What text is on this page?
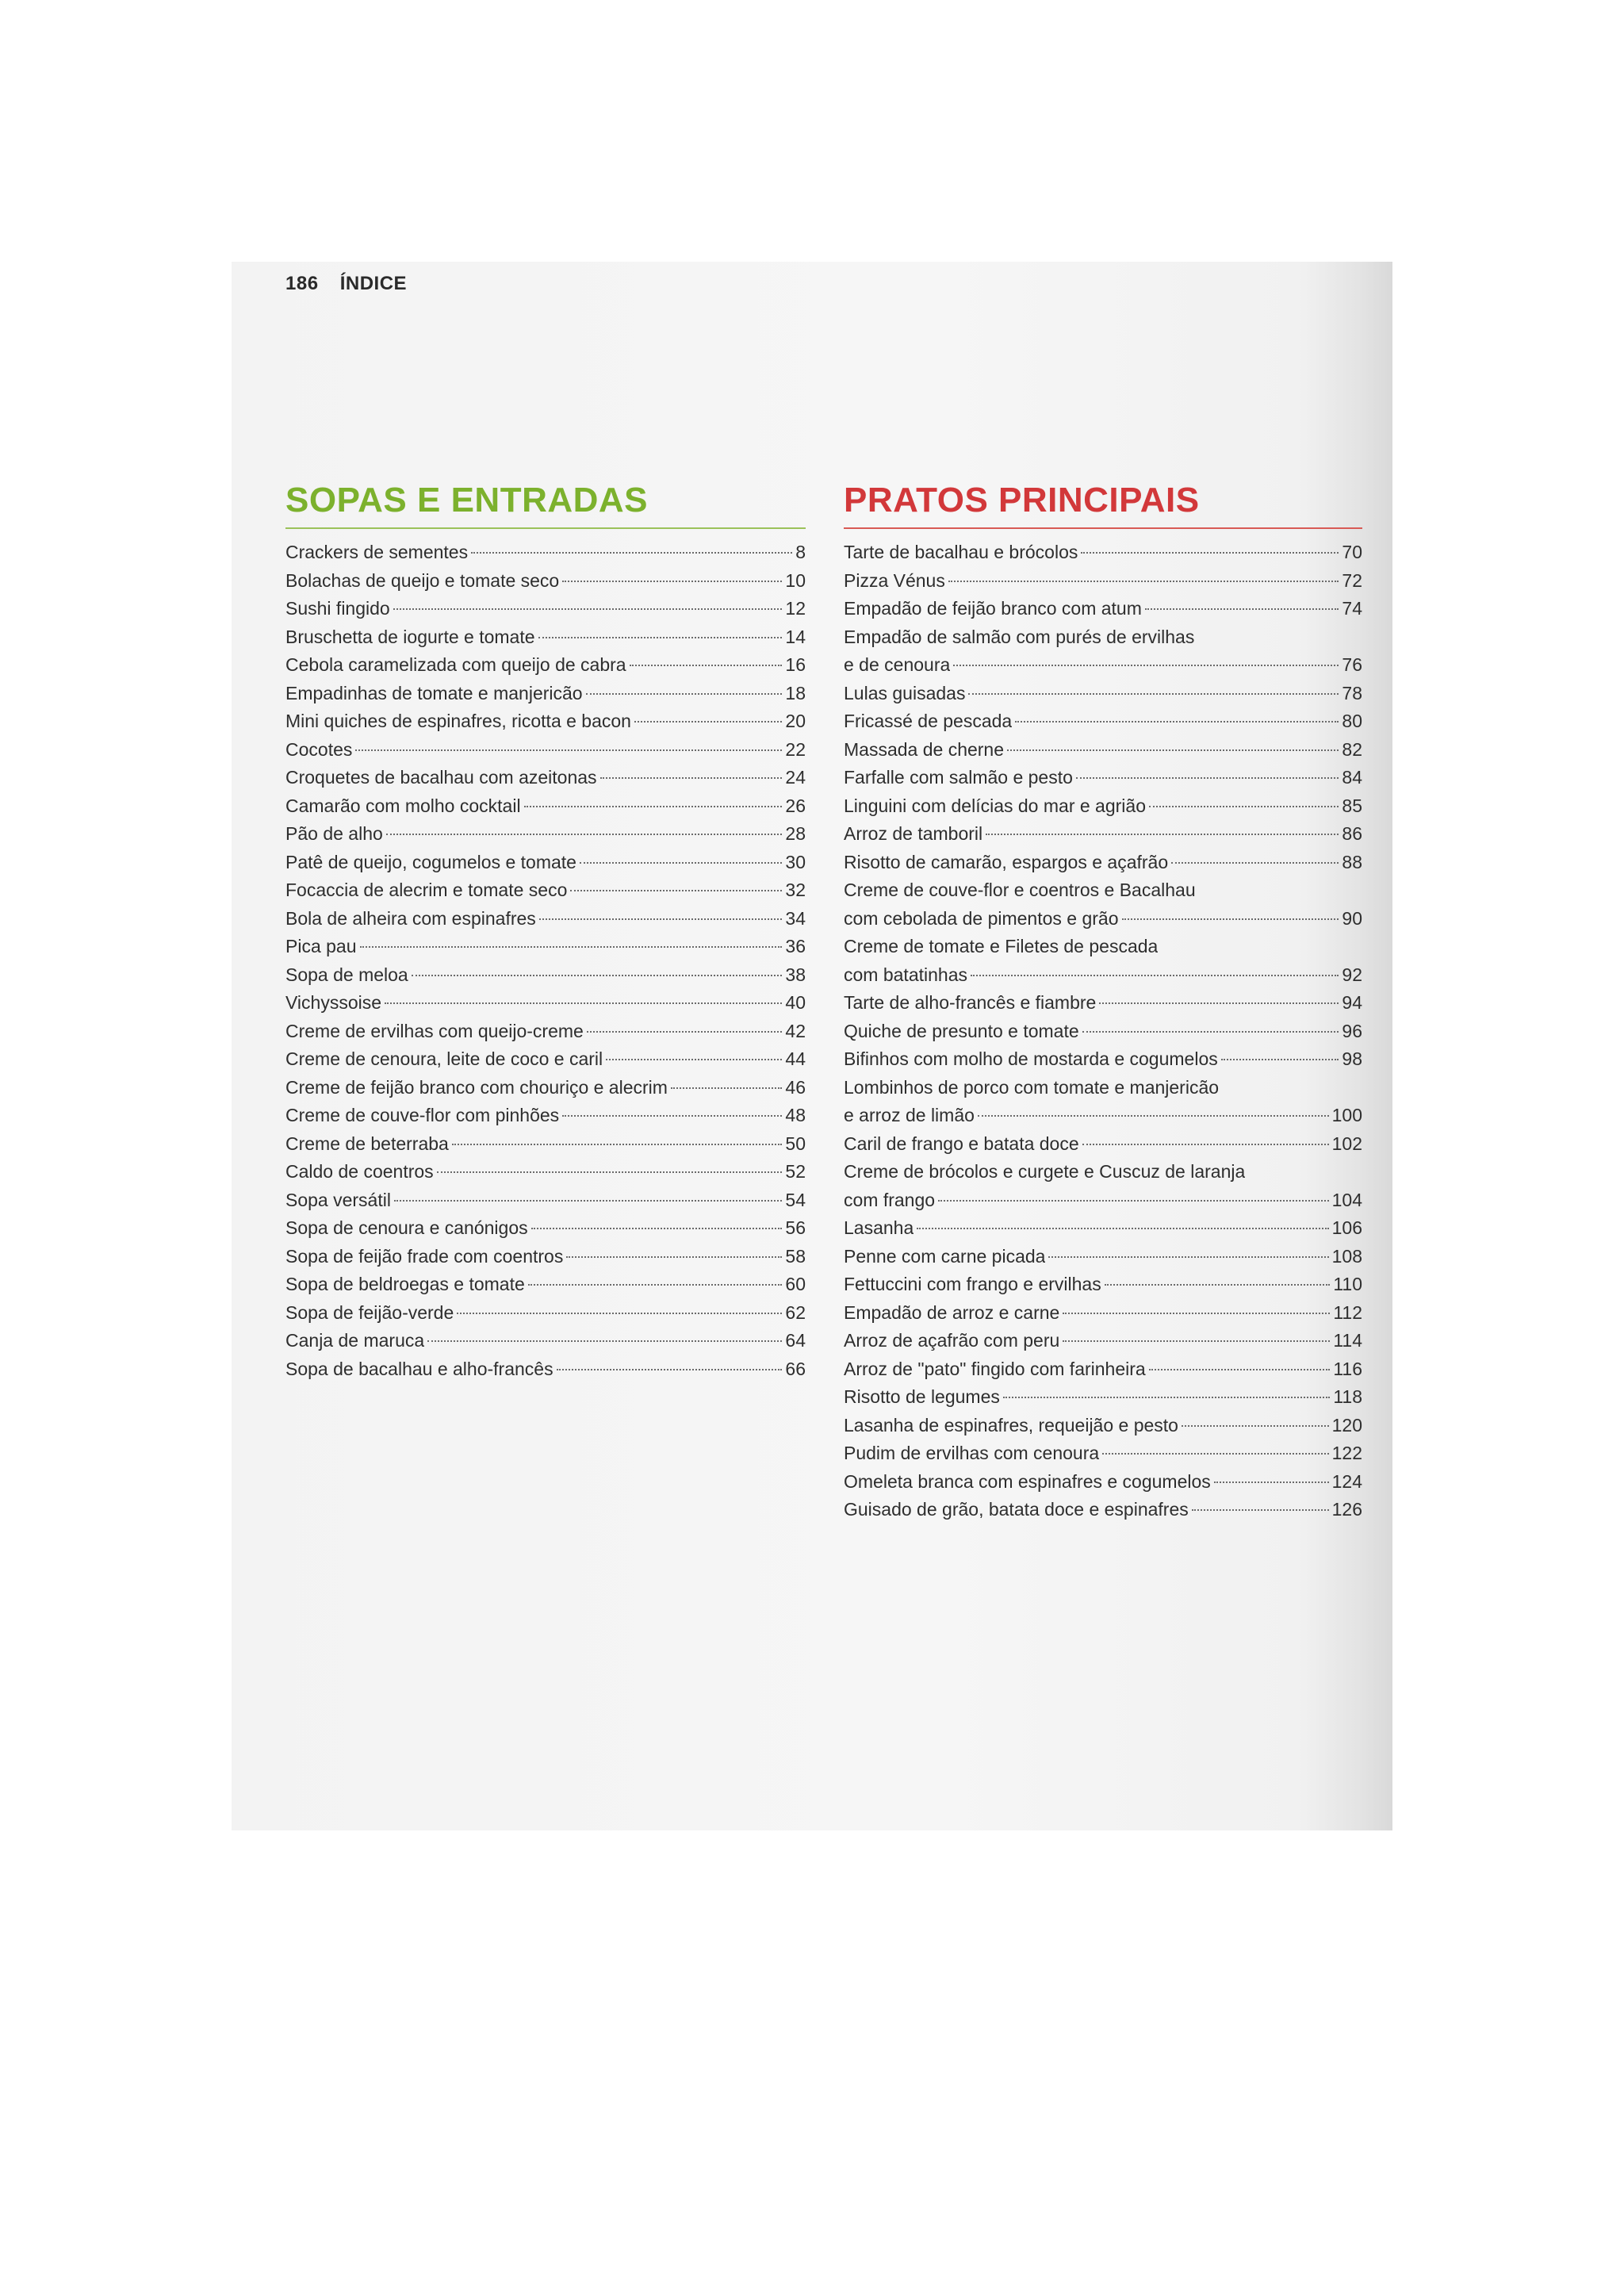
186 ÍNDICE
SOPAS E ENTRADAS
Crackers de sementes	8
Bolachas de queijo e tomate seco	10
Sushi fingido	12
Bruschetta de iogurte e tomate	14
Cebola caramelizada com queijo de cabra	16
Empadinhas de tomate e manjericão	18
Mini quiches de espinafres, ricotta e bacon	20
Cocotes	22
Croquetes de bacalhau com azeitonas	24
Camarão com molho cocktail	26
Pão de alho	28
Patê de queijo, cogumelos e tomate	30
Focaccia de alecrim e tomate seco	32
Bola de alheira com espinafres	34
Pica pau	36
Sopa de meloa	38
Vichyssoise	40
Creme de ervilhas com queijo-creme	42
Creme de cenoura, leite de coco e caril	44
Creme de feijão branco com chouriço e alecrim	46
Creme de couve-flor com pinhões	48
Creme de beterraba	50
Caldo de coentros	52
Sopa versátil	54
Sopa de cenoura e canónigos	56
Sopa de feijão frade com coentros	58
Sopa de beldroegas e tomate	60
Sopa de feijão-verde	62
Canja de maruca	64
Sopa de bacalhau e alho-francês	66
PRATOS PRINCIPAIS
Tarte de bacalhau e brócolos	70
Pizza Vénus	72
Empadão de feijão branco com atum	74
Empadão de salmão com purés de ervilhas
e de cenoura	76
Lulas guisadas	78
Fricassé de pescada	80
Massada de cherne	82
Farfalle com salmão e pesto	84
Linguini com delícias do mar e agrião	85
Arroz de tamboril	86
Risotto de camarão, espargos e açafrão	88
Creme de couve-flor e coentros e Bacalhau
com cebolada de pimentos e grão	90
Creme de tomate e Filetes de pescada
com batatinhas	92
Tarte de alho-francês e fiambre	94
Quiche de presunto e tomate	96
Bifinhos com molho de mostarda e cogumelos	98
Lombinhos de porco com tomate e manjericão
e arroz de limão	100
Caril de frango e batata doce	102
Creme de brócolos e curgete e Cuscuz de laranja
com frango	104
Lasanha	106
Penne com carne picada	108
Fettuccini com frango e ervilhas	110
Empadão de arroz e carne	112
Arroz de açafrão com peru	114
Arroz de "pato" fingido com farinheira	116
Risotto de legumes	118
Lasanha de espinafres, requeijão e pesto	120
Pudim de ervilhas com cenoura	122
Omeleta branca com espinafres e cogumelos	124
Guisado de grão, batata doce e espinafres	126
